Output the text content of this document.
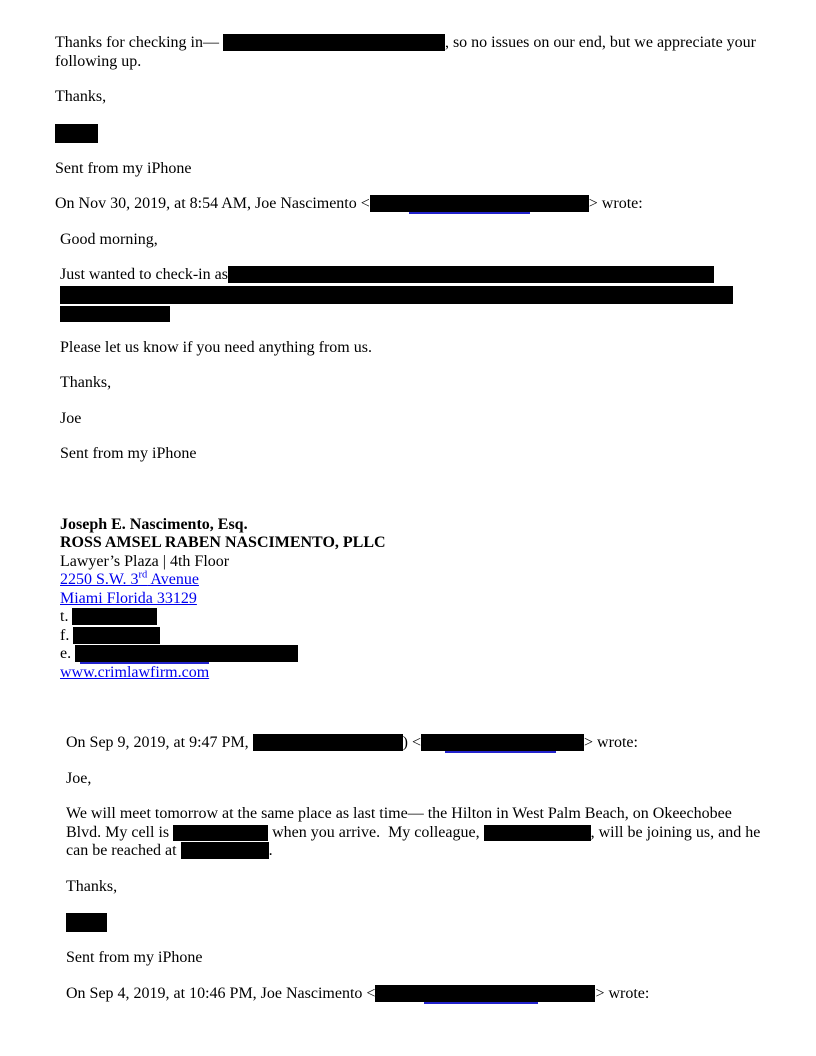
Thanks for checking in—	, so no issues on our end, but we appreciate your
following up.

Thanks,

Sent from my iPhone

On Nov 30, 2019, at 8:54 AM, Joe Nascimento <	> wrote:

Good morning,

Just wanted to check-in as

Please let us know if you need anything from us.

Thanks,

Joe

Sent from my iPhone

Joseph E. Nascimento, Esq.
ROSS AMSEL RABEN NASCIMENTO, PLLC
Lawyer’s Plaza | 4th Floor
2250 S.W. 3rd Avenue
Miami Florida 33129
t.
f.
e.
www.crimlawfirm.com

On Sep 9, 2019, at 9:47 PM,	) <	> wrote:

Joe,

We will meet tomorrow at the same place as last time— the Hilton in West Palm Beach, on Okeechobee
Blvd. My cell is	when you arrive.  My colleague,	, will be joining us, and he
can be reached at	.

Thanks,

Sent from my iPhone

On Sep 4, 2019, at 10:46 PM, Joe Nascimento <	> wrote:
